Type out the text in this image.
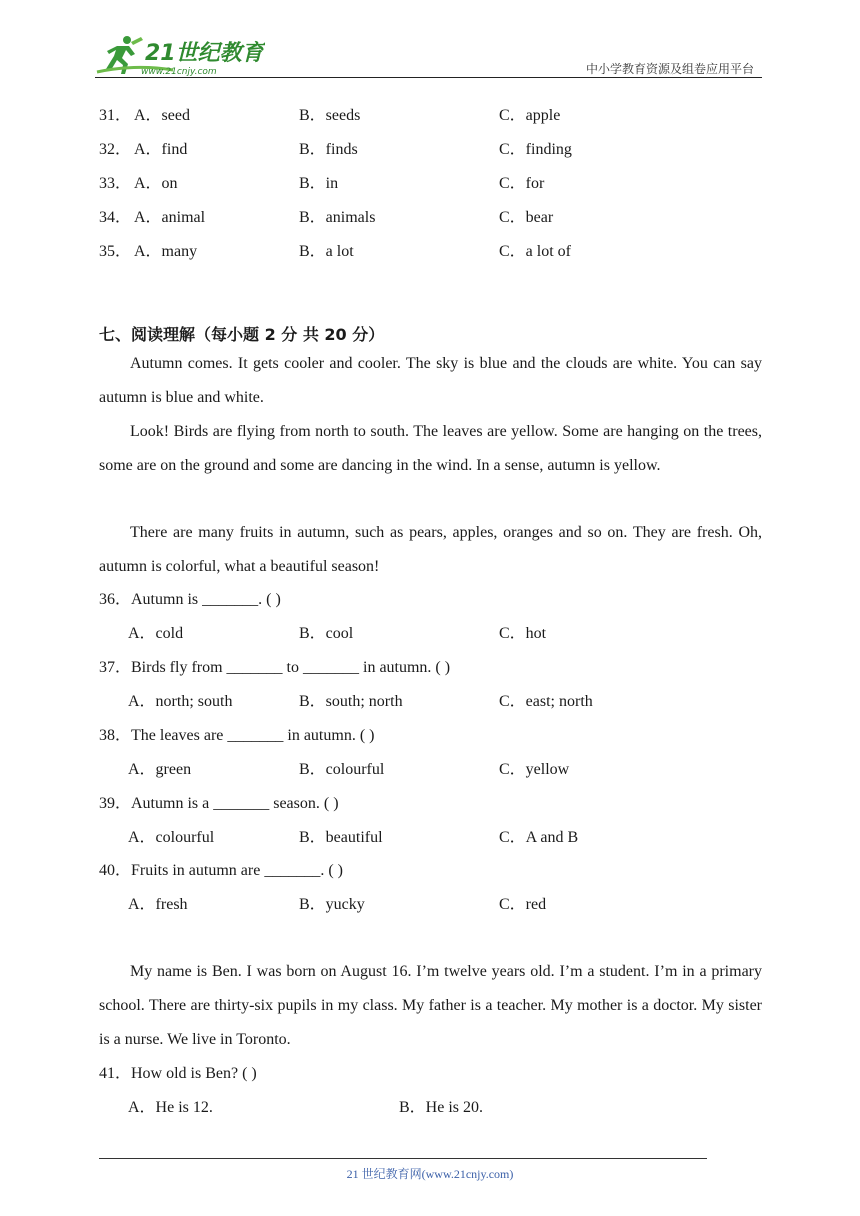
21世纪教育
www.21cnjy.com	中小学教育资源及组卷应用平台
31． A．seed	B．seeds	C．apple
32． A．find	B．finds	C．finding
33． A．on	B．in	C．for
34． A．animal	B．animals	C．bear
35． A．many	B．a lot	C．a lot of
七、阅读理解（每小题 2 分 共 20 分）
Autumn comes. It gets cooler and cooler. The sky is blue and the clouds are white. You can say autumn is blue and white.
Look! Birds are flying from north to south. The leaves are yellow. Some are hanging on the trees, some are on the ground and some are dancing in the wind. In a sense, autumn is yellow.
There are many fruits in autumn, such as pears, apples, oranges and so on. They are fresh. Oh, autumn is colorful, what a beautiful season!
36．Autumn is _______. ( )
A．cold	B．cool	C．hot
37．Birds fly from _______ to _______ in autumn. ( )
A．north; south	B．south; north	C．east; north
38．The leaves are _______ in autumn. ( )
A．green	B．colourful	C．yellow
39．Autumn is a _______ season. ( )
A．colourful	B．beautiful	C．A and B
40．Fruits in autumn are _______. ( )
A．fresh	B．yucky	C．red
My name is Ben. I was born on August 16. I’m twelve years old. I’m a student. I’m in a primary school. There are thirty-six pupils in my class. My father is a teacher. My mother is a doctor. My sister is a nurse. We live in Toronto.
41．How old is Ben? ( )
A．He is 12.	B．He is 20.
21 世纪教育网(www.21cnjy.com)
